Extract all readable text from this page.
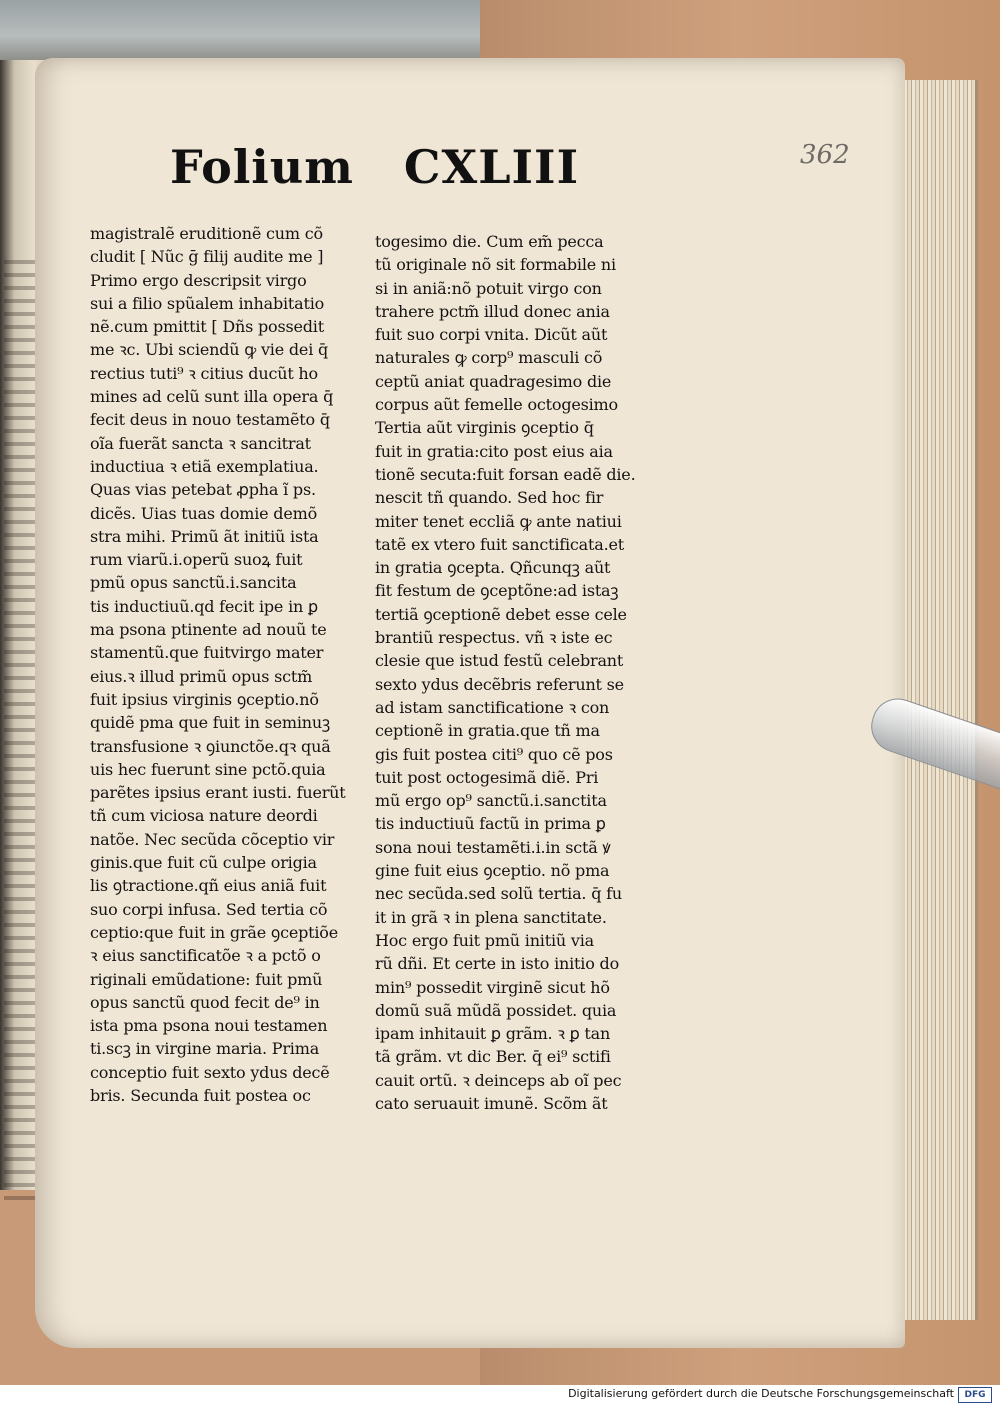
Folium CXLIII	362
magistralẽ eruditionẽ cum cõ
cludit [ Nũc ḡ filij audite me ]
Primo ergo descripsit virgo
sui a filio spũalem inhabitatio
nẽ.cum pmittit [ Dñs possedit
me ꝛc. Ubi sciendũ ꝙ vie dei q̄
rectius tuti⁹ ꝛ citius ducũt ho
mines ad celũ sunt illa opera q̄
fecit deus in nouo testamẽto q̄
oĩa fuerãt sancta ꝛ sancitrat
inductiua ꝛ etiã exemplatiua.
Quas vias petebat ꝓpha ĩ ps.
dicẽs. Uias tuas domie demõ
stra mihi. Primũ ãt initiũ ista
rum viarũ.i.operũ suoꝝ fuit
pmũ opus sanctũ.i.sancita
tis inductiuũ.qd fecit ipe in ꝑ
ma psona ptinente ad nouũ te
stamentũ.que fuitvirgo mater
eius.ꝛ illud primũ opus sctm̃
fuit ipsius virginis ꝯceptio.nõ
quidẽ pma que fuit in seminuꝫ
transfusione ꝛ ꝯiunctõe.qꝛ quã
uis hec fuerunt sine pctõ.quia
parẽtes ipsius erant iusti. fuerũt
tñ cum viciosa nature deordi
natõe. Nec secũda cõceptio vir
ginis.que fuit cũ culpe origia
lis ꝯtractione.qñ eius aniã fuit
suo corpi infusa. Sed tertia cõ
ceptio:que fuit in grãe ꝯceptiõe
ꝛ eius sanctificatõe ꝛ a pctõ o
riginali emũdatione: fuit pmũ
opus sanctũ quod fecit de⁹ in
ista pma psona noui testamen
ti.scꝫ in virgine maria. Prima
conceptio fuit sexto ydus decẽ
bris. Secunda fuit postea oc
togesimo die. Cum em̃ pecca
tũ originale nõ sit formabile ni
si in aniã:nõ potuit virgo con
trahere pctm̃ illud donec ania
fuit suo corpi vnita. Dicũt aũt
naturales ꝙ corp⁹ masculi cõ
ceptũ aniat quadragesimo die
corpus aũt femelle octogesimo
Tertia aũt virginis ꝯceptio q̄
fuit in gratia:cito post eius aia
tionẽ secuta:fuit forsan eadẽ die.
nescit tñ quando. Sed hoc fir
miter tenet eccliã ꝙ ante natiui
tatẽ ex vtero fuit sanctificata.et
in gratia ꝯcepta. Qñcunqꝫ aũt
fit festum de ꝯceptõne:ad istaꝫ
tertiã ꝯceptionẽ debet esse cele
brantiũ respectus. vñ ꝛ iste ec
clesie que istud festũ celebrant
sexto ydus decẽbris referunt se
ad istam sanctificatione ꝛ con
ceptionẽ in gratia.que tñ ma
gis fuit postea citi⁹ quo cẽ pos
tuit post octogesimã diẽ. Pri
mũ ergo op⁹ sanctũ.i.sanctita
tis inductiuũ factũ in prima ꝑ
sona noui testamẽti.i.in sctã ꝟ
gine fuit eius ꝯceptio. nõ pma
nec secũda.sed solũ tertia. q̄ fu
it in grã ꝛ in plena sanctitate.
Hoc ergo fuit pmũ initiũ via
rũ dñi. Et certe in isto initio do
min⁹ possedit virginẽ sicut hõ
domũ suã mũdã possidet. quia
ipam inhitauit ꝑ grãm. ꝛ ꝑ tan
tã grãm. vt dic Ber. q̄ ei⁹ sctifi
cauit ortũ. ꝛ deinceps ab oĩ pec
cato seruauit imunẽ. Scõm ãt
Digitalisierung gefördert durch die Deutsche Forschungsgemeinschaft	DFG
